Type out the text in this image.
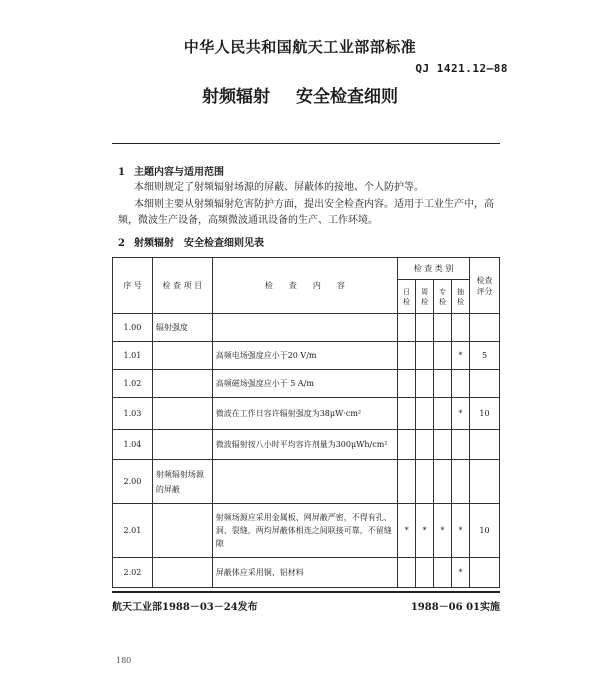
中华人民共和国航天工业部部标准
QJ 1421.12—88
射频辐射 安全检查细则
1 主题内容与适用范围
本细则规定了射频辐射场源的屏蔽、屏蔽体的接地、个人防护等。
本细则主要从射频辐射危害防护方面，提出安全检查内容。适用于工业生产中，高频，微波生产设备，高频微波通讯设备的生产、工作环境。
2 射频辐射　安全检查细则见表
序 号	检 查 项 目	检　　查　　内　　容	检 查 类 别				检查评分
			日检	周检	专检	抽检	
1.00	辐射强度						
1.01		高频电场强度应小于20 V/m				*	5
1.02		高频磁场强度应小于 5 A/m					
1.03		微波在工作日容许辐射强度为38μW·cm²				*	10
1.04		微波辐射按八小时平均容许剂量为300μWh/cm²					
2.00	射频辐射场源的屏蔽						
2.01		射频场源应采用金属板、网屏蔽严密，不得有孔、洞、裂缝，两均屏蔽体相连之间联接可靠，不留缝隙	*	*	*	*	10
2.02		屏蔽体应采用铜、铝材料				*	
航天工业部1988－03－24发布	1988－06 01实施
180
